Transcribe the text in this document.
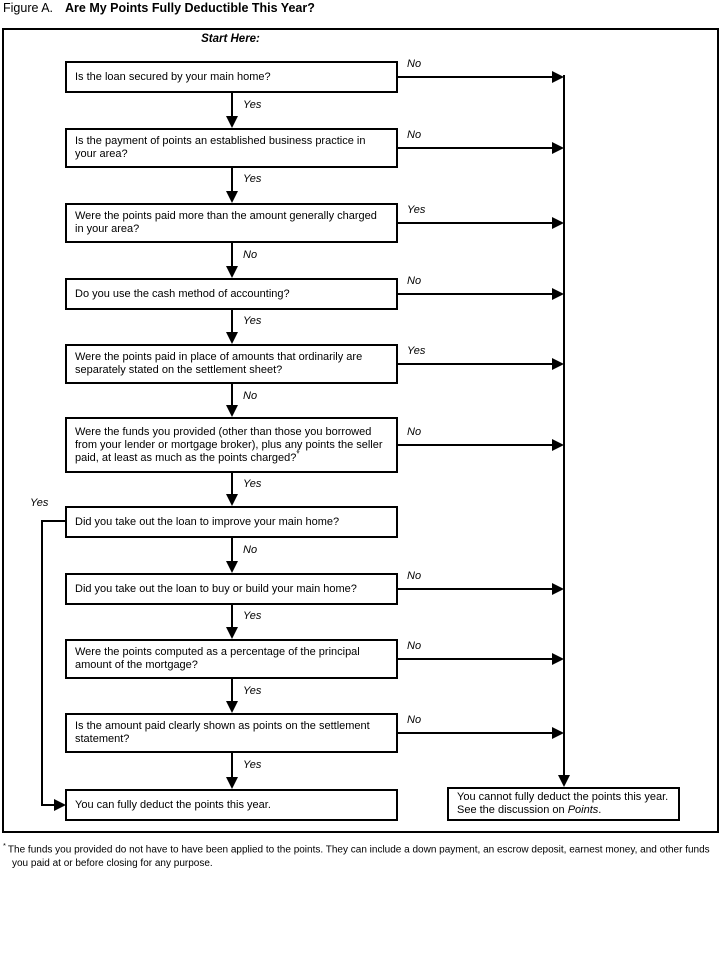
Figure A. Are My Points Fully Deductible This Year?
Start Here:
Is the loan secured by your main home?
Is the payment of points an established business practice in your area?
Were the points paid more than the amount generally charged in your area?
Do you use the cash method of accounting?
Were the points paid in place of amounts that ordinarily are separately stated on the settlement sheet?
Were the funds you provided (other than those you borrowed from your lender or mortgage broker), plus any points the seller paid, at least as much as the points charged?*
Did you take out the loan to improve your main home?
Did you take out the loan to buy or build your main home?
Were the points computed as a percentage of the principal amount of the mortgage?
Is the amount paid clearly shown as points on the settlement statement?
You can fully deduct the points this year.
You cannot fully deduct the points this year. See the discussion on Points.
Yes
Yes
No
Yes
No
Yes
No
Yes
Yes
Yes
No
No
Yes
No
Yes
No
No
No
No
Yes
* The funds you provided do not have to have been applied to the points. They can include a down payment, an escrow deposit, earnest money, and other funds you paid at or before closing for any purpose.
